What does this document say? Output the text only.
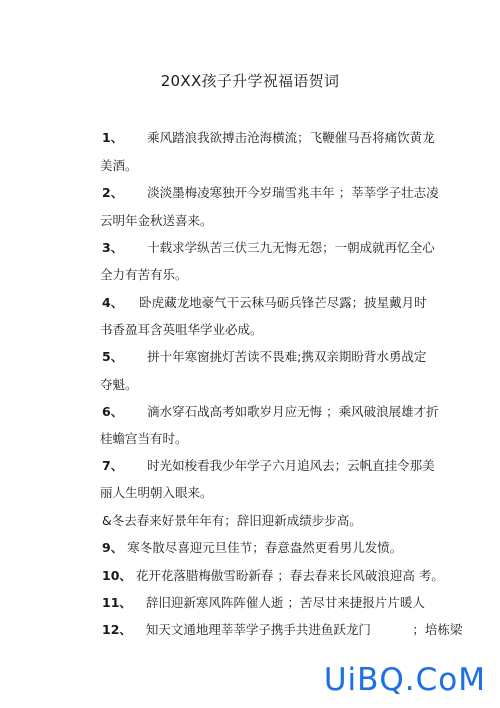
20XX孩子升学祝福语贺词
1、 乘风踏浪我欲搏击沧海横流；飞鞭催马吾将痛饮黄龙
美酒。
2、 淡淡墨梅凌寒独开今岁瑞雪兆丰年 ；莘莘学子壮志凌
云明年金秋送喜来。
3、 十载求学纵苦三伏三九无悔无怨；一朝成就再忆全心
全力有苦有乐。
4、 卧虎藏龙地豪气干云秣马砺兵锋芒尽露；披星戴月时
书香盈耳含英咀华学业必成。
5、 拼十年寒窗挑灯苦读不畏难;携双亲期盼背水勇战定
夺魁。
6、 滴水穿石战高考如歌岁月应无悔 ；乘风破浪展雄才折
桂蟾宫当有时。
7、 时光如梭看我少年学子六月追风去；云帆直挂令那美
丽人生明朝入眼来。
&冬去春来好景年年有；辞旧迎新成绩步步高。
9、 寒冬散尽喜迎元旦佳节；春意盎然更看男儿发愤。
10、 花开花落腊梅傲雪盼新春 ；春去春来长风破浪迎高 考。
11、 辞旧迎新寒风阵阵催人逝 ；苦尽甘来捷报片片暖人
12、 知天文通地理莘莘学子携手共进鱼跃龙门 　　　；培栋梁
UiBQ.CoM
